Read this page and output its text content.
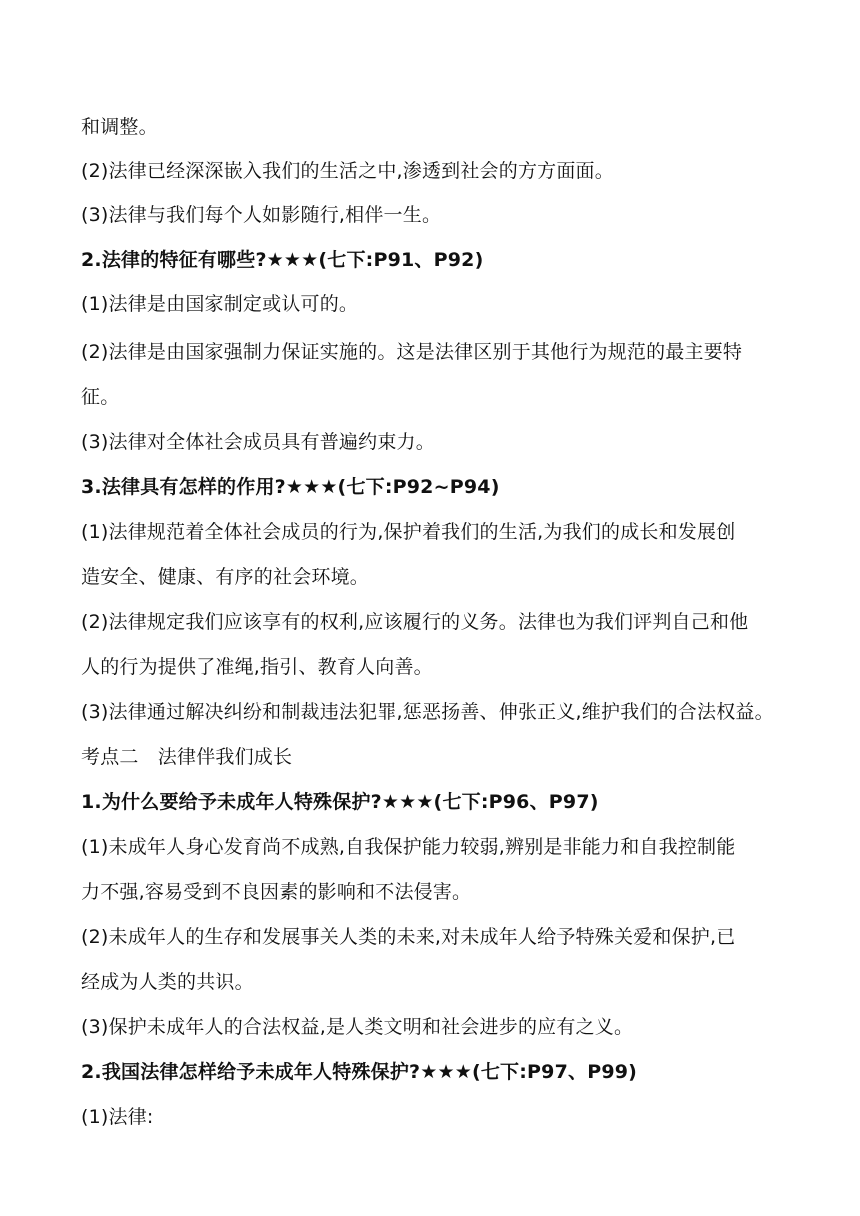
和调整。
(2)法律已经深深嵌入我们的生活之中,渗透到社会的方方面面。
(3)法律与我们每个人如影随行,相伴一生。
2.法律的特征有哪些?★★★(七下:P91、P92)
(1)法律是由国家制定或认可的。
(2)法律是由国家强制力保证实施的。这是法律区别于其他行为规范的最主要特
征。
(3)法律对全体社会成员具有普遍约束力。
3.法律具有怎样的作用?★★★(七下:P92~P94)
(1)法律规范着全体社会成员的行为,保护着我们的生活,为我们的成长和发展创
造安全、健康、有序的社会环境。
(2)法律规定我们应该享有的权利,应该履行的义务。法律也为我们评判自己和他
人的行为提供了准绳,指引、教育人向善。
(3)法律通过解决纠纷和制裁违法犯罪,惩恶扬善、伸张正义,维护我们的合法权益。
考点二　法律伴我们成长
1.为什么要给予未成年人特殊保护?★★★(七下:P96、P97)
(1)未成年人身心发育尚不成熟,自我保护能力较弱,辨别是非能力和自我控制能
力不强,容易受到不良因素的影响和不法侵害。
(2)未成年人的生存和发展事关人类的未来,对未成年人给予特殊关爱和保护,已
经成为人类的共识。
(3)保护未成年人的合法权益,是人类文明和社会进步的应有之义。
2.我国法律怎样给予未成年人特殊保护?★★★(七下:P97、P99)
(1)法律:
